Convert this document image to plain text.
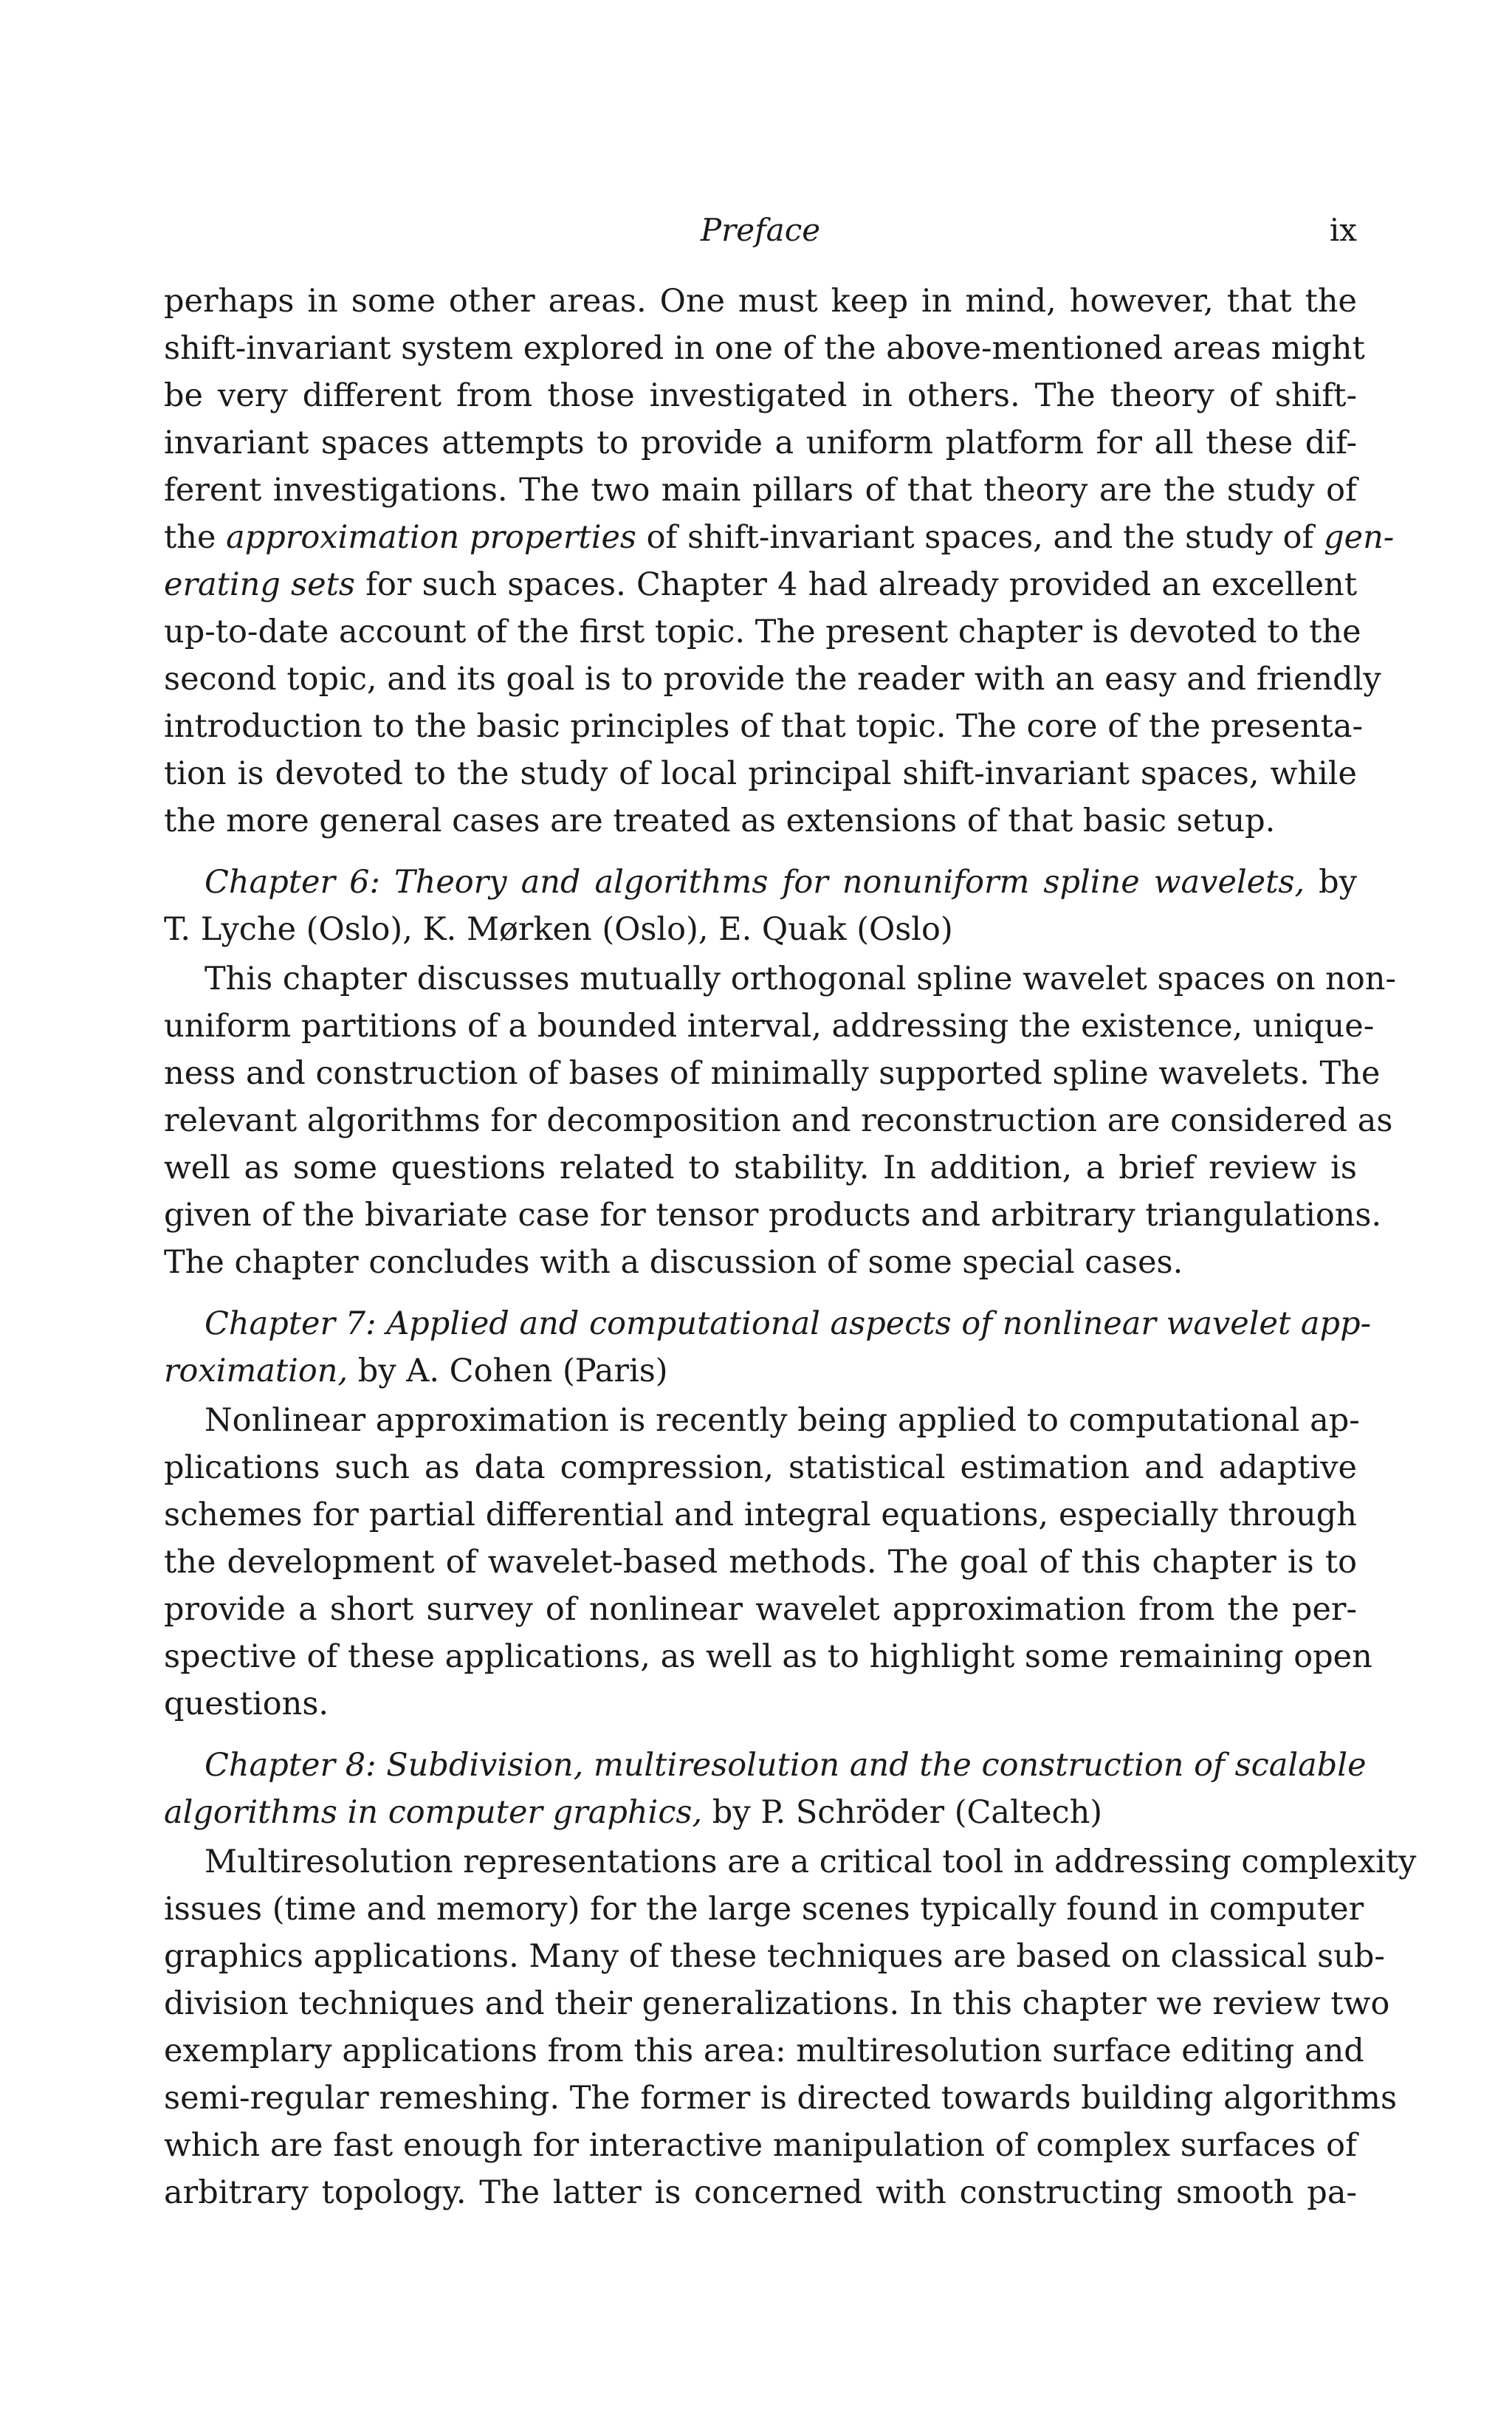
Preface	ix
perhaps in some other areas. One must keep in mind, however, that the
shift-invariant system explored in one of the above-mentioned areas might
be very different from those investigated in others. The theory of shift-
invariant spaces attempts to provide a uniform platform for all these dif-
ferent investigations. The two main pillars of that theory are the study of
the approximation properties of shift-invariant spaces, and the study of gen-
erating sets for such spaces. Chapter 4 had already provided an excellent
up-to-date account of the first topic. The present chapter is devoted to the
second topic, and its goal is to provide the reader with an easy and friendly
introduction to the basic principles of that topic. The core of the presenta-
tion is devoted to the study of local principal shift-invariant spaces, while
the more general cases are treated as extensions of that basic setup.
Chapter 6: Theory and algorithms for nonuniform spline wavelets, by
T. Lyche (Oslo), K. Mørken (Oslo), E. Quak (Oslo)
This chapter discusses mutually orthogonal spline wavelet spaces on non-
uniform partitions of a bounded interval, addressing the existence, unique-
ness and construction of bases of minimally supported spline wavelets. The
relevant algorithms for decomposition and reconstruction are considered as
well as some questions related to stability. In addition, a brief review is
given of the bivariate case for tensor products and arbitrary triangulations.
The chapter concludes with a discussion of some special cases.
Chapter 7: Applied and computational aspects of nonlinear wavelet app-
roximation, by A. Cohen (Paris)
Nonlinear approximation is recently being applied to computational ap-
plications such as data compression, statistical estimation and adaptive
schemes for partial differential and integral equations, especially through
the development of wavelet-based methods. The goal of this chapter is to
provide a short survey of nonlinear wavelet approximation from the per-
spective of these applications, as well as to highlight some remaining open
questions.
Chapter 8: Subdivision, multiresolution and the construction of scalable
algorithms in computer graphics, by P. Schröder (Caltech)
Multiresolution representations are a critical tool in addressing complexity
issues (time and memory) for the large scenes typically found in computer
graphics applications. Many of these techniques are based on classical sub-
division techniques and their generalizations. In this chapter we review two
exemplary applications from this area: multiresolution surface editing and
semi-regular remeshing. The former is directed towards building algorithms
which are fast enough for interactive manipulation of complex surfaces of
arbitrary topology. The latter is concerned with constructing smooth pa-
